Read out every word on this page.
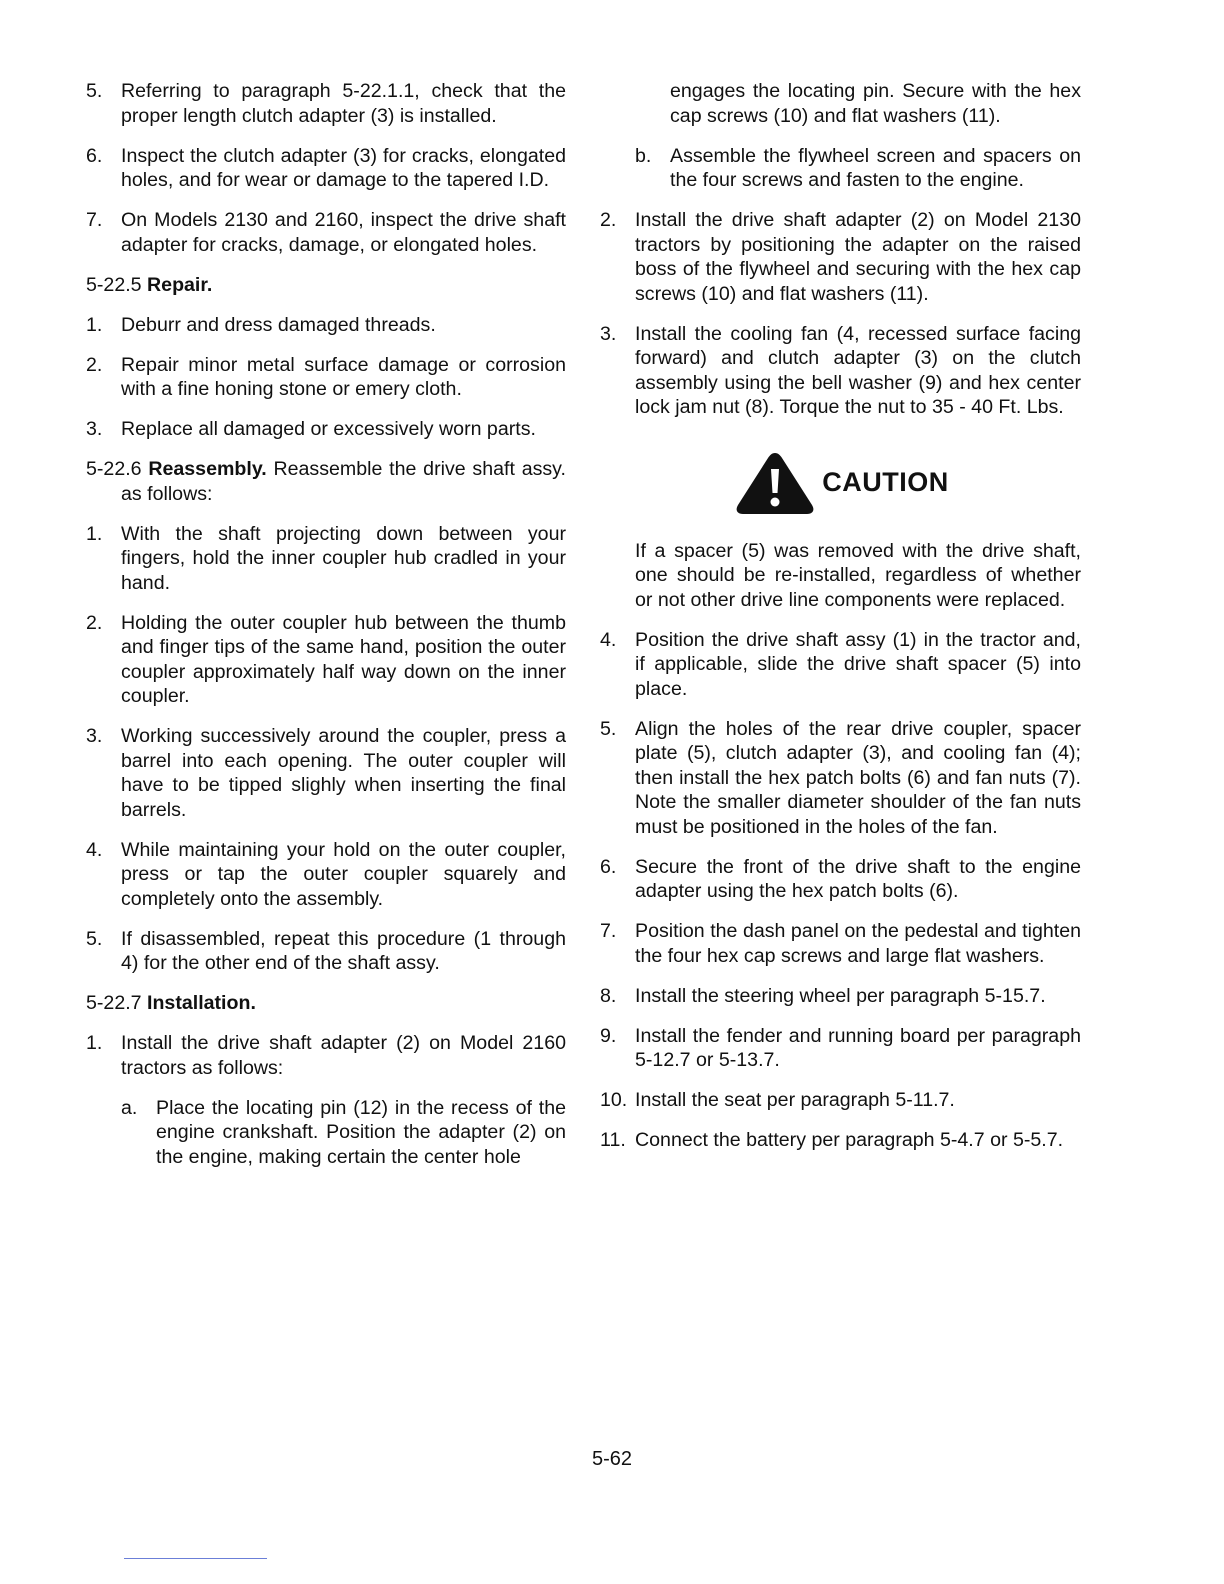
5. Referring to paragraph 5-22.1.1, check that the proper length clutch adapter (3) is installed.
6. Inspect the clutch adapter (3) for cracks, elongated holes, and for wear or damage to the tapered I.D.
7. On Models 2130 and 2160, inspect the drive shaft adapter for cracks, damage, or elongated holes.
5-22.5 Repair.
1. Deburr and dress damaged threads.
2. Repair minor metal surface damage or corrosion with a fine honing stone or emery cloth.
3. Replace all damaged or excessively worn parts.
5-22.6 Reassembly. Reassemble the drive shaft assy. as follows:
1. With the shaft projecting down between your fingers, hold the inner coupler hub cradled in your hand.
2. Holding the outer coupler hub between the thumb and finger tips of the same hand, position the outer coupler approximately half way down on the inner coupler.
3. Working successively around the coupler, press a barrel into each opening. The outer coupler will have to be tipped slighly when inserting the final barrels.
4. While maintaining your hold on the outer coupler, press or tap the outer coupler squarely and completely onto the assembly.
5. If disassembled, repeat this procedure (1 through 4) for the other end of the shaft assy.
5-22.7 Installation.
1. Install the drive shaft adapter (2) on Model 2160 tractors as follows:
a. Place the locating pin (12) in the recess of the engine crankshaft. Position the adapter (2) on the engine, making certain the center hole
engages the locating pin. Secure with the hex cap screws (10) and flat washers (11).
b. Assemble the flywheel screen and spacers on the four screws and fasten to the engine.
2. Install the drive shaft adapter (2) on Model 2130 tractors by positioning the adapter on the raised boss of the flywheel and securing with the hex cap screws (10) and flat washers (11).
3. Install the cooling fan (4, recessed surface facing forward) and clutch adapter (3) on the clutch assembly using the bell washer (9) and hex center lock jam nut (8). Torque the nut to 35 - 40 Ft. Lbs.
CAUTION
If a spacer (5) was removed with the drive shaft, one should be re-installed, regardless of whether or not other drive line components were replaced.
4. Position the drive shaft assy (1) in the tractor and, if applicable, slide the drive shaft spacer (5) into place.
5. Align the holes of the rear drive coupler, spacer plate (5), clutch adapter (3), and cooling fan (4); then install the hex patch bolts (6) and fan nuts (7). Note the smaller diameter shoulder of the fan nuts must be positioned in the holes of the fan.
6. Secure the front of the drive shaft to the engine adapter using the hex patch bolts (6).
7. Position the dash panel on the pedestal and tighten the four hex cap screws and large flat washers.
8. Install the steering wheel per paragraph 5-15.7.
9. Install the fender and running board per paragraph 5-12.7 or 5-13.7.
10. Install the seat per paragraph 5-11.7.
11. Connect the battery per paragraph 5-4.7 or 5-5.7.
5-62
